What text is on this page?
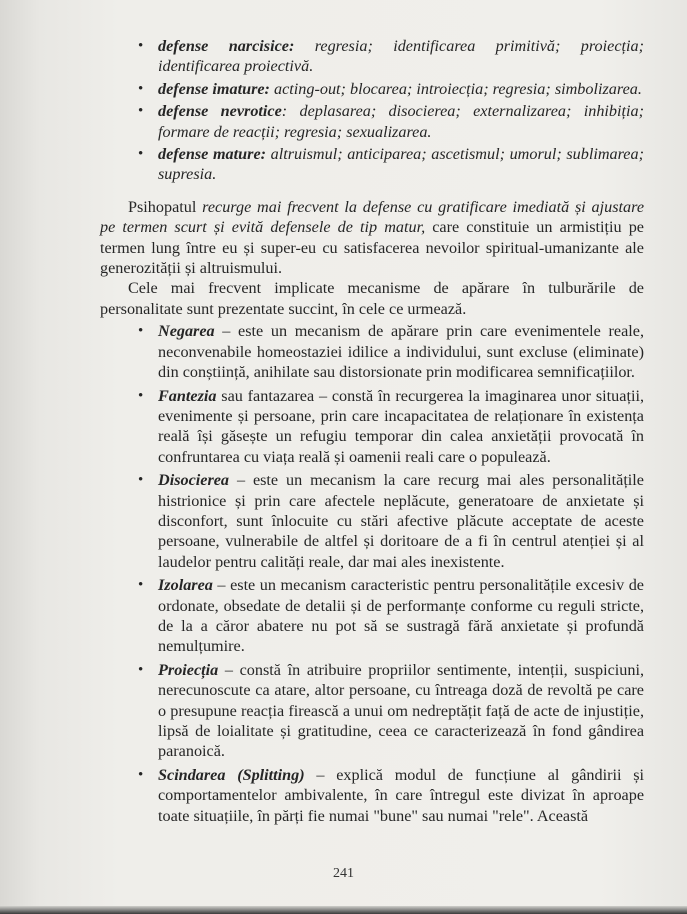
• defense narcisice: regresia; identificarea primitivă; proiecția; identificarea proiectivă.
• defense imature: acting-out; blocarea; introiecția; regresia; simbolizarea.
• defense nevrotice: deplasarea; disocierea; externalizarea; inhibiția; formare de reacții; regresia; sexualizarea.
• defense mature: altruismul; anticiparea; ascetismul; umorul; sublimarea; supresia.

Psihopatul recurge mai frecvent la defense cu gratificare imediată și ajustare pe termen scurt și evită defensele de tip matur, care constituie un armistițiu pe termen lung între eu și super-eu cu satisfacerea nevoilor spiritual-umanizante ale generozității și altruismului.

Cele mai frecvent implicate mecanisme de apărare în tulburările de personalitate sunt prezentate succint, în cele ce urmează.

• Negarea – este un mecanism de apărare prin care evenimentele reale, neconvenabile homeostaziei idilice a individului, sunt excluse (eliminate) din conștiință, anihilate sau distorsionate prin modificarea semnificațiilor.
• Fantezia sau fantazarea – constă în recurgerea la imaginarea unor situații, evenimente și persoane, prin care incapacitatea de relaționare în existența reală își găsește un refugiu temporar din calea anxietății provocată în confruntarea cu viața reală și oamenii reali care o populează.
• Disocierea – este un mecanism la care recurg mai ales personalitățile histrionice și prin care afectele neplăcute, generatoare de anxietate și disconfort, sunt înlocuite cu stări afective plăcute acceptate de aceste persoane, vulnerabile de altfel și doritoare de a fi în centrul atenției și al laudelor pentru calități reale, dar mai ales inexistente.
• Izolarea – este un mecanism caracteristic pentru personalitățile excesiv de ordonate, obsedate de detalii și de performanțe conforme cu reguli stricte, de la a căror abatere nu pot să se sustragă fără anxietate și profundă nemulțumire.
• Proiecția – constă în atribuire propriilor sentimente, intenții, suspiciuni, nerecunoscute ca atare, altor persoane, cu întreaga doză de revoltă pe care o presupune reacția firească a unui om nedreptățit față de acte de injustiție, lipsă de loialitate și gratitudine, ceea ce caracterizează în fond gândirea paranoică.
• Scindarea (Splitting) – explică modul de funcțiune al gândirii și comportamentelor ambivalente, în care întregul este divizat în aproape toate situațiile, în părți fie numai "bune" sau numai "rele". Această
241
